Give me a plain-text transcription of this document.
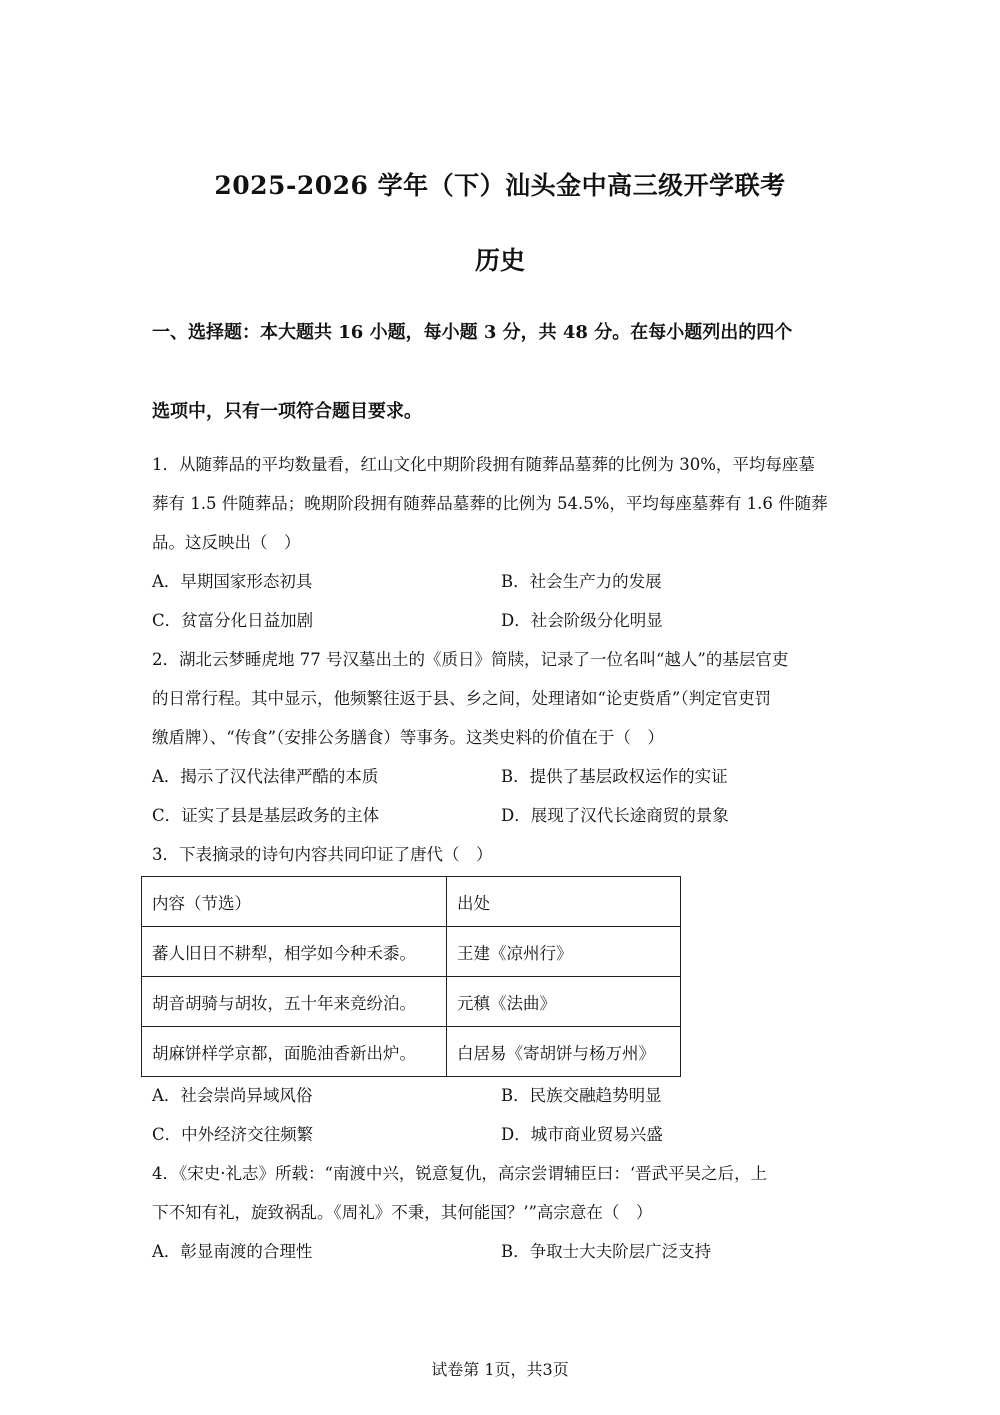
2025-2026 学年（下）汕头金中高三级开学联考
历史
一、选择题：本大题共 16 小题，每小题 3 分，共 48 分。在每小题列出的四个
选项中，只有一项符合题目要求。
1．从随葬品的平均数量看，红山文化中期阶段拥有随葬品墓葬的比例为 30%，平均每座墓
葬有 1.5 件随葬品；晚期阶段拥有随葬品墓葬的比例为 54.5%，平均每座墓葬有 1.6 件随葬
品。这反映出（　）
A．早期国家形态初具	B．社会生产力的发展
C．贫富分化日益加剧	D．社会阶级分化明显
2．湖北云梦睡虎地 77 号汉墓出土的《质日》简牍，记录了一位名叫“越人”的基层官吏
的日常行程。其中显示，他频繁往返于县、乡之间，处理诸如“论吏赀盾”（判定官吏罚
缴盾牌）、“传食”（安排公务膳食）等事务。这类史料的价值在于（　）
A．揭示了汉代法律严酷的本质	B．提供了基层政权运作的实证
C．证实了县是基层政务的主体	D．展现了汉代长途商贸的景象
3．下表摘录的诗句内容共同印证了唐代（　）
内容（节选）	出处
蕃人旧日不耕犁，相学如今种禾黍。	王建《凉州行》
胡音胡骑与胡妆，五十年来竞纷泊。	元稹《法曲》
胡麻饼样学京都，面脆油香新出炉。	白居易《寄胡饼与杨万州》
A．社会崇尚异域风俗	B．民族交融趋势明显
C．中外经济交往频繁	D．城市商业贸易兴盛
4．《宋史·礼志》所载：“南渡中兴，锐意复仇，高宗尝谓辅臣曰：‘晋武平吴之后，上
下不知有礼，旋致祸乱。《周礼》不秉，其何能国？’”高宗意在（　）
A．彰显南渡的合理性	B．争取士大夫阶层广泛支持
试卷第 1页，共3页
